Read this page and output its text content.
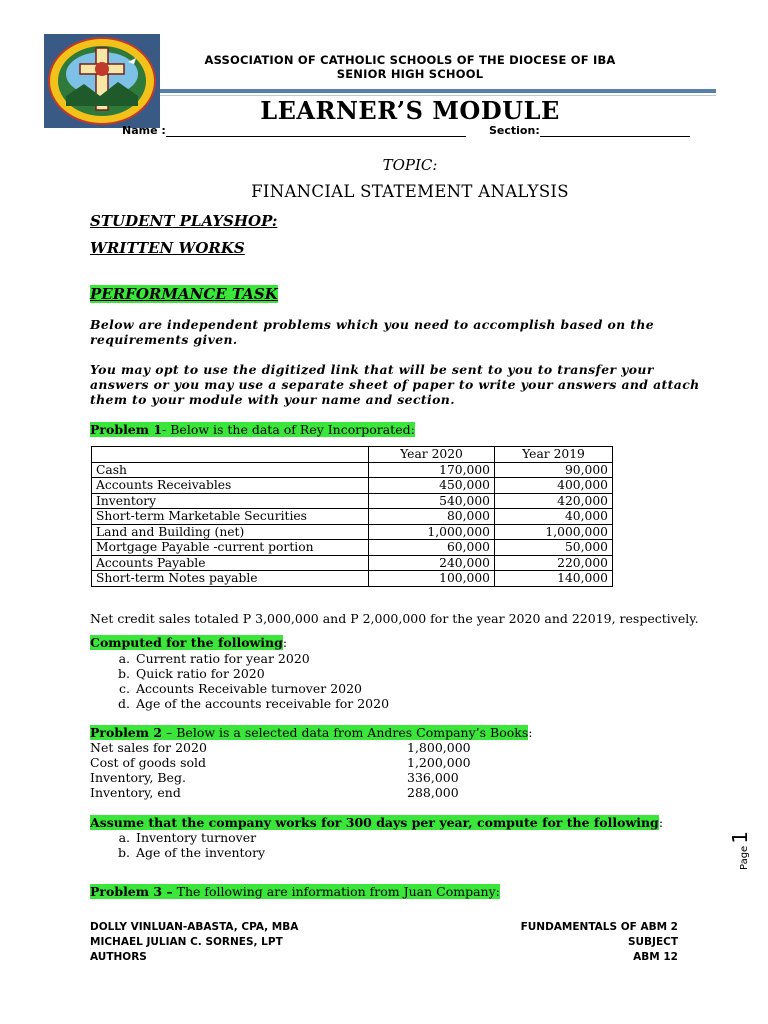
ASSOCIATION OF CATHOLIC SCHOOLS OF THE DIOCESE OF IBA
SENIOR HIGH SCHOOL
LEARNER’S MODULE
Name :	Section:
TOPIC:
FINANCIAL STATEMENT ANALYSIS
STUDENT PLAYSHOP:
WRITTEN WORKS
PERFORMANCE TASK
Below are independent problems which you need to accomplish based on the requirements given.
You may opt to use the digitized link that will be sent to you to transfer your answers or you may use a separate sheet of paper to write your answers and attach them to your module with your name and section.
Problem 1- Below is the data of Rey Incorporated:
	Year 2020	Year 2019
Cash	170,000	90,000
Accounts Receivables	450,000	400,000
Inventory	540,000	420,000
Short-term Marketable Securities	80,000	40,000
Land and Building (net)	1,000,000	1,000,000
Mortgage Payable -current portion	60,000	50,000
Accounts Payable	240,000	220,000
Short-term Notes payable	100,000	140,000
Net credit sales totaled P 3,000,000 and P 2,000,000 for the year 2020 and 22019, respectively.
Computed for the following:
a. Current ratio for year 2020
b. Quick ratio for 2020
c. Accounts Receivable turnover 2020
d. Age of the accounts receivable for 2020
Problem 2 – Below is a selected data from Andres Company’s Books:
Net sales for 2020	1,800,000
Cost of goods sold	1,200,000
Inventory, Beg.	336,000
Inventory, end	288,000
Assume that the company works for 300 days per year, compute for the following:
a. Inventory turnover
b. Age of the inventory
Problem 3 – The following are information from Juan Company:
Page1
DOLLY VINLUAN-ABASTA, CPA, MBA
MICHAEL JULIAN C. SORNES, LPT
AUTHORS
FUNDAMENTALS OF ABM 2
SUBJECT
ABM 12
